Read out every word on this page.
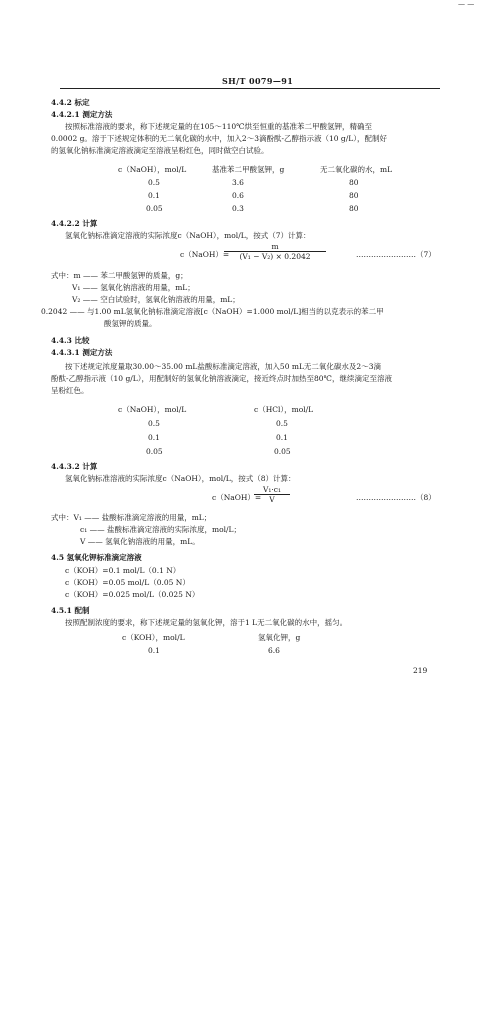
— —
SH/T 0079—91
4.4.2 标定
4.4.2.1 测定方法
按照标准溶液的要求，称下述规定量的在105～110℃烘至恒重的基准苯二甲酸氢钾，精确至
0.0002 g。溶于下述规定体积的无二氧化碳的水中，加入2～3滴酚酞-乙醇指示液（10 g/L），配制好
的氢氧化钠标准滴定溶液滴定至溶液呈粉红色，同时做空白试验。
c（NaOH），mol/L	基准苯二甲酸氢钾，g	无二氧化碳的水，mL
0.5	3.6	80
0.1	0.6	80
0.05	0.3	80
4.4.2.2 计算
氢氧化钠标准滴定溶液的实际浓度c（NaOH），mol/L，按式（7）计算：
c（NaOH）=
$\frac{m}{\text{(V₁ − V₂) × 0.2042}}$	……………………（7）
式中：m —— 苯二甲酸氢钾的质量，g；
V₁ —— 氢氧化钠溶液的用量，mL；
V₂ —— 空白试验时，氢氧化钠溶液的用量，mL；
0.2042 —— 与1.00 mL氢氧化钠标准滴定溶液[c（NaOH）=1.000 mol/L]相当的以克表示的苯二甲
酸氢钾的质量。
4.4.3 比较
4.4.3.1 测定方法
按下述规定浓度量取30.00～35.00 mL盐酸标准滴定溶液，加入50 mL无二氧化碳水及2～3滴
酚酞-乙醇指示液（10 g/L），用配制好的氢氧化钠溶液滴定，接近终点时加热至80℃，继续滴定至溶液
呈粉红色。
c（NaOH），mol/L	c（HCl），mol/L
0.5	0.5
0.1	0.1
0.05	0.05
4.4.3.2 计算
氢氧化钠标准溶液的实际浓度c（NaOH），mol/L，按式（8）计算：
c（NaOH）=
$\frac{\text{V₁·c₁}}{V}$	……………………（8）
式中：V₁ —— 盐酸标准滴定溶液的用量，mL；
c₁ —— 盐酸标准滴定溶液的实际浓度，mol/L；
V —— 氢氧化钠溶液的用量，mL。
4.5 氢氧化钾标准滴定溶液
c（KOH）=0.1 mol/L（0.1 N）
c（KOH）=0.05 mol/L（0.05 N）
c（KOH）=0.025 mol/L（0.025 N）
4.5.1 配制
按照配制浓度的要求，称下述规定量的氢氧化钾，溶于1 L无二氧化碳的水中，摇匀。
c（KOH），mol/L	氢氧化钾，g
0.1	6.6
219
